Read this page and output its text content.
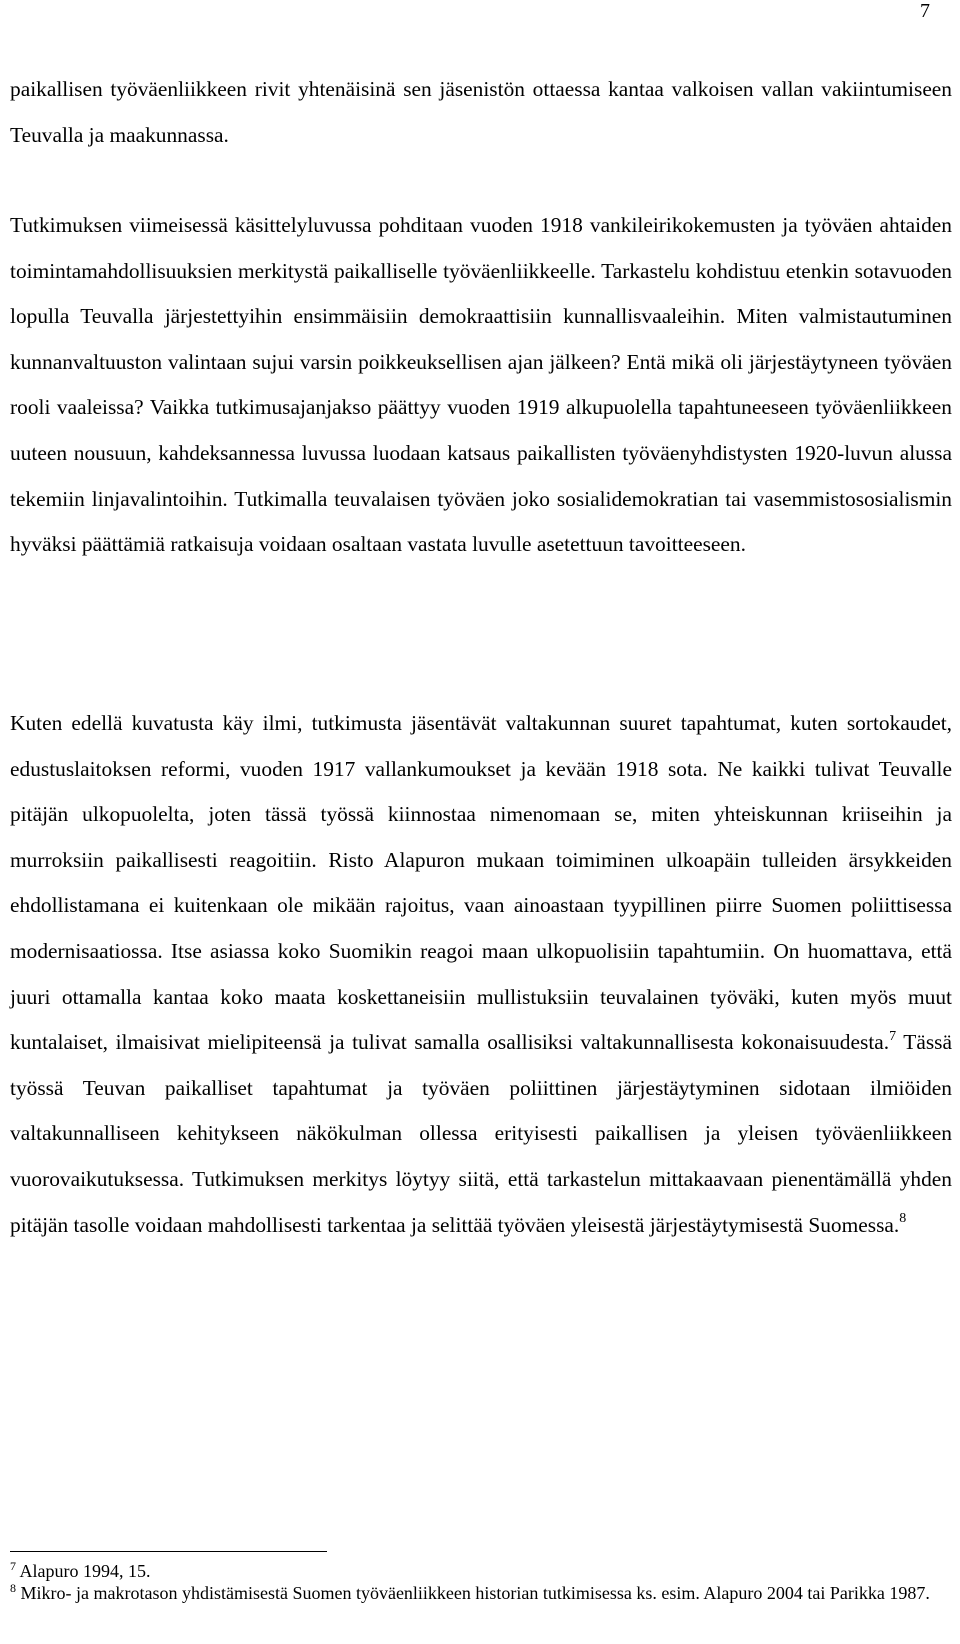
7

paikallisen työväenliikkeen rivit yhtenäisinä sen jäsenistön ottaessa kantaa valkoisen vallan vakiintumiseen Teuvalla ja maakunnassa.

Tutkimuksen viimeisessä käsittelyluvussa pohditaan vuoden 1918 vankileirikokemusten ja työväen ahtaiden toimintamahdollisuuksien merkitystä paikalliselle työväenliikkeelle. Tarkastelu kohdistuu etenkin sotavuoden lopulla Teuvalla järjestettyihin ensimmäisiin demokraattisiin kunnallisvaaleihin. Miten valmistautuminen kunnanvaltuuston valintaan sujui varsin poikkeuksellisen ajan jälkeen? Entä mikä oli järjestäytyneen työväen rooli vaaleissa? Vaikka tutkimusajanjakso päättyy vuoden 1919 alkupuolella tapahtuneeseen työväenliikkeen uuteen nousuun, kahdeksannessa luvussa luodaan katsaus paikallisten työväenyhdistysten 1920-luvun alussa tekemiin linjavalintoihin. Tutkimalla teuvalaisen työväen joko sosialidemokratian tai vasemmistososialismin hyväksi päättämiä ratkaisuja voidaan osaltaan vastata luvulle asetettuun tavoitteeseen.

Kuten edellä kuvatusta käy ilmi, tutkimusta jäsentävät valtakunnan suuret tapahtumat, kuten sortokaudet, edustuslaitoksen reformi, vuoden 1917 vallankumoukset ja kevään 1918 sota. Ne kaikki tulivat Teuvalle pitäjän ulkopuolelta, joten tässä työssä kiinnostaa nimenomaan se, miten yhteiskunnan kriiseihin ja murroksiin paikallisesti reagoitiin. Risto Alapuron mukaan toimiminen ulkoapäin tulleiden ärsykkeiden ehdollistamana ei kuitenkaan ole mikään rajoitus, vaan ainoastaan tyypillinen piirre Suomen poliittisessa modernisaatiossa. Itse asiassa koko Suomikin reagoi maan ulkopuolisiin tapahtumiin. On huomattava, että juuri ottamalla kantaa koko maata koskettaneisiin mullistuksiin teuvalainen työväki, kuten myös muut kuntalaiset, ilmaisivat mielipiteensä ja tulivat samalla osallisiksi valtakunnallisesta kokonaisuudesta.$^7$ Tässä työssä Teuvan paikalliset tapahtumat ja työväen poliittinen järjestäytyminen sidotaan ilmiöiden valtakunnalliseen kehitykseen näkökulman ollessa erityisesti paikallisen ja yleisen työväenliikkeen vuorovaikutuksessa. Tutkimuksen merkitys löytyy siitä, että tarkastelun mittakaavaan pienentämällä yhden pitäjän tasolle voidaan mahdollisesti tarkentaa ja selittää työväen yleisestä järjestäytymisestä Suomessa.$^8$

$^7$ Alapuro 1994, 15.

$^8$ Mikro- ja makrotason yhdistämisestä Suomen työväenliikkeen historian tutkimisessa ks. esim. Alapuro 2004 tai Parikka 1987.
